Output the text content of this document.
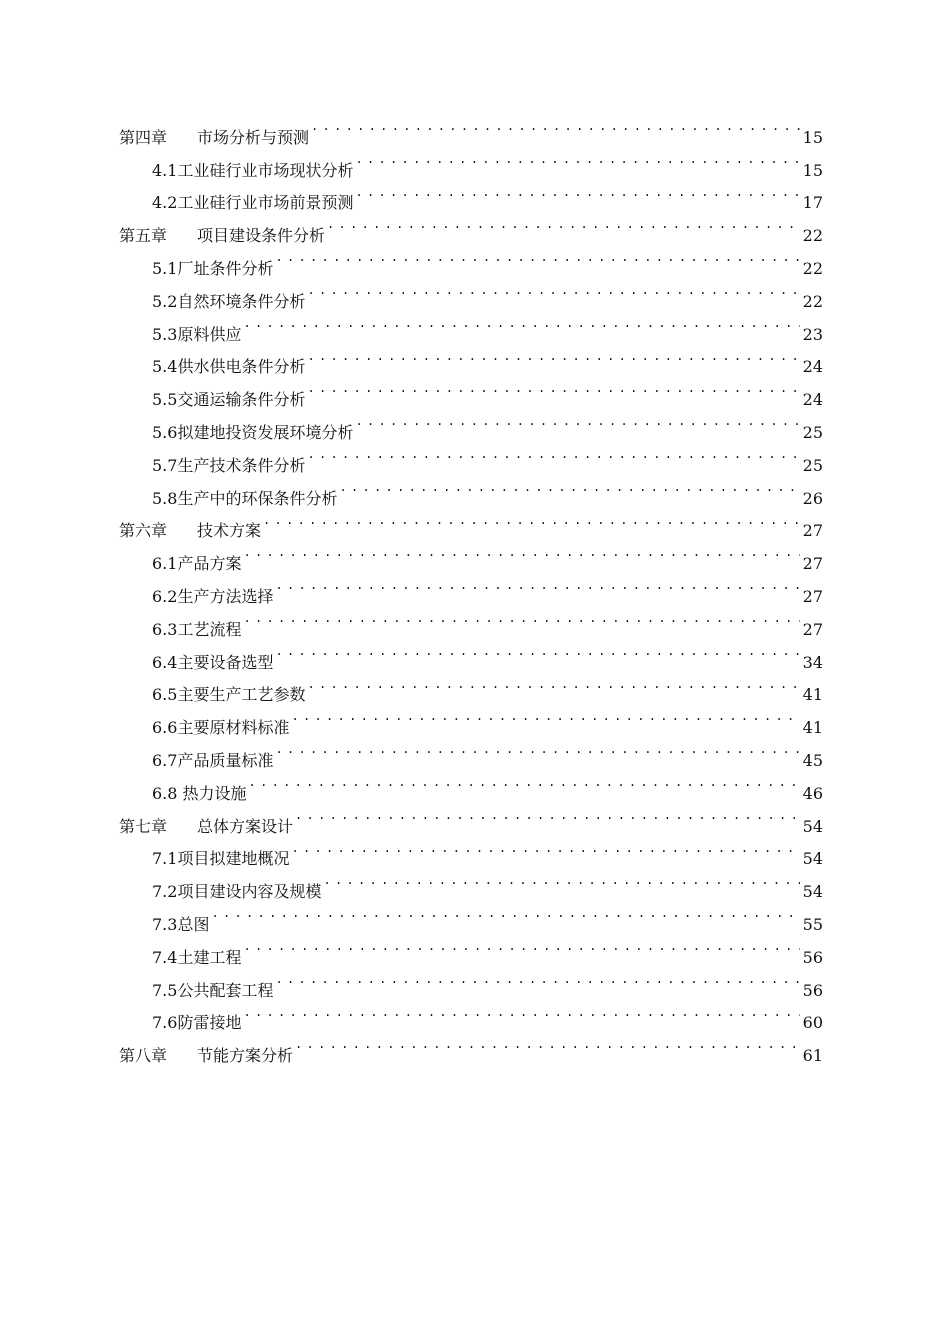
第四章 市场分析与预测 .....	15
4.1工业硅行业市场现状分析 .....	15
4.2工业硅行业市场前景预测 .....	17
第五章 项目建设条件分析 .....	22
5.1厂址条件分析 .....	22
5.2自然环境条件分析 .....	22
5.3原料供应 .....	23
5.4供水供电条件分析 .....	24
5.5交通运输条件分析 .....	24
5.6拟建地投资发展环境分析 .....	25
5.7生产技术条件分析 .....	25
5.8生产中的环保条件分析 .....	26
第六章 技术方案 .....	27
6.1产品方案 .....	27
6.2生产方法选择 .....	27
6.3工艺流程 .....	27
6.4主要设备选型 .....	34
6.5主要生产工艺参数 .....	41
6.6主要原材料标准 .....	41
6.7产品质量标准 .....	45
6.8 热力设施 .....	46
第七章 总体方案设计 .....	54
7.1项目拟建地概况 .....	54
7.2项目建设内容及规模 .....	54
7.3总图 .....	55
7.4土建工程 .....	56
7.5公共配套工程 .....	56
7.6防雷接地 .....	60
第八章 节能方案分析 .....	61
